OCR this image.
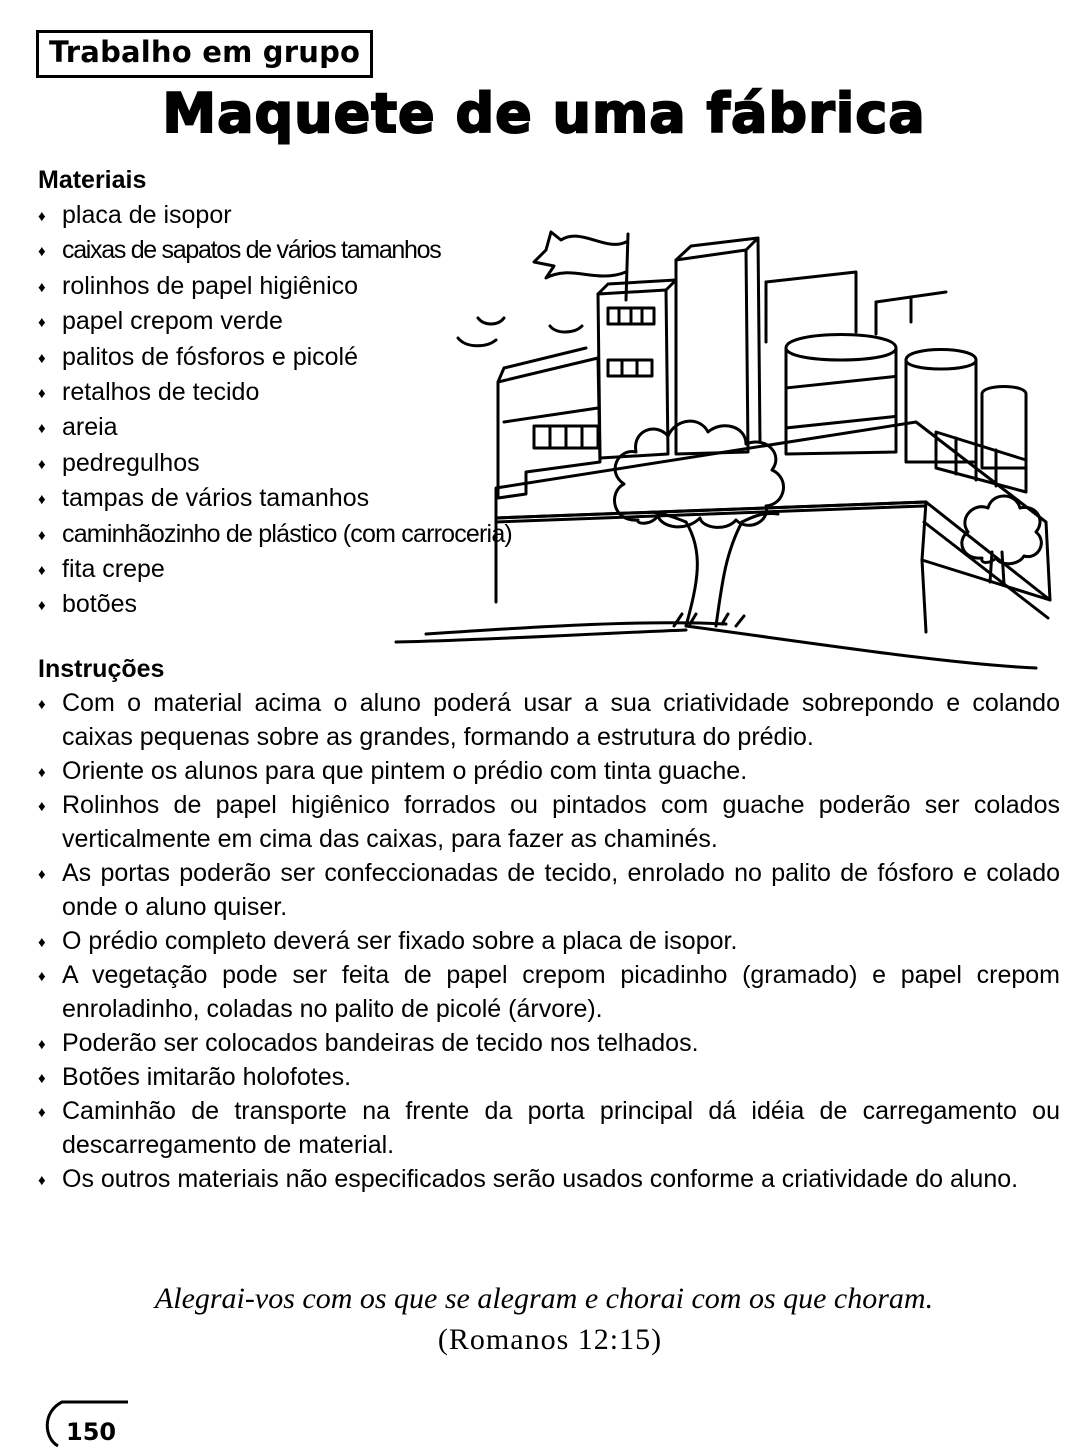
Trabalho em grupo
Maquete de uma fábrica
Materiais
♦ placa de isopor
♦ caixas de sapatos de vários tamanhos
♦ rolinhos de papel higiênico
♦ papel crepom verde
♦ palitos de fósforos e picolé
♦ retalhos de tecido
♦ areia
♦ pedregulhos
♦ tampas de vários tamanhos
♦ caminhãozinho de plástico (com carroceria)
♦ fita crepe
♦ botões
Instruções
♦ Com o material acima o aluno poderá usar a sua criatividade sobrepondo e colando caixas pequenas sobre as grandes, formando a estrutura do prédio.
♦ Oriente os alunos para que pintem o prédio com tinta guache.
♦ Rolinhos de papel higiênico forrados ou pintados com guache poderão ser colados verticalmente em cima das caixas, para fazer as chaminés.
♦ As portas poderão ser confeccionadas de tecido, enrolado no palito de fósforo e colado onde o aluno quiser.
♦ O prédio completo deverá ser fixado sobre a placa de isopor.
♦ A vegetação pode ser feita de papel crepom picadinho (gramado) e papel crepom enroladinho, coladas no palito de picolé (árvore).
♦ Poderão ser colocados bandeiras de tecido nos telhados.
♦ Botões imitarão holofotes.
♦ Caminhão de transporte na frente da porta principal dá idéia de carregamento ou descarregamento de material.
♦ Os outros materiais não especificados serão usados conforme a criatividade do aluno.

Alegrai-vos com os que se alegram e chorai com os que choram.

(Romanos 12:15)

150
